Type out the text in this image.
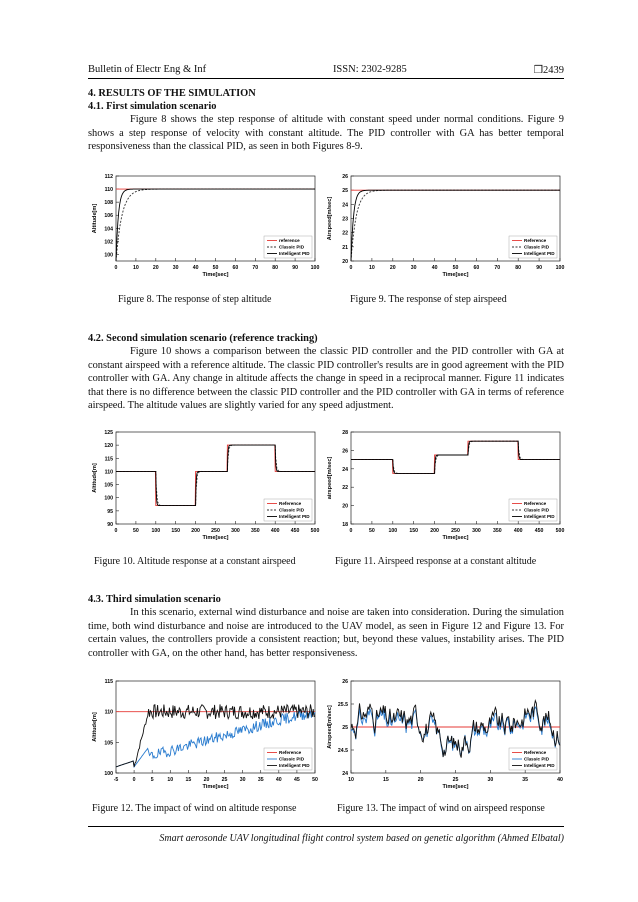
Bulletin of Electr Eng & Inf	ISSN: 2302-9285	❒2439
4. RESULTS OF THE SIMULATION
4.1. First simulation scenario
Figure 8 shows the step response of altitude with constant speed under normal conditions. Figure 9 shows a step response of velocity with constant altitude. The PID controller with GA has better temporal responsiveness than the classical PID, as seen in both Figures 8-9.
0	10	20	30	40	50	60	70	80	90 100
100
102
104
106
108
110
112
Time[sec]
Altitude[m]
reference
Classic PID
Intelligent PID
0	10	20	30	40	50	60	70	80	90	100
20
21
22
23
24
25
26
Time[sec]
Airspeed[m/sec]
Reference
Classic PID
Intelligent PID
Figure 8. The response of step altitude	Figure 9. The response of step airspeed
4.2. Second simulation scenario (reference tracking)
Figure 10 shows a comparison between the classic PID controller and the PID controller with GA at constant airspeed with a reference altitude. The classic PID controller's results are in good agreement with the PID controller with GA. Any change in altitude affects the change in speed in a reciprocal manner. Figure 11 indicates that there is no difference between the classic PID controller and the PID controller with GA in terms of reference airspeed. The altitude values are slightly varied for any speed adjustment.
0	50 100 150 200 250 300 350 400 450 500
90
95
100
105
110
115
120
125
Time[sec]
Altitude[m]
Reference
Classic PID
Intelligent PID
0	50	100 150 200 250 300 350 400 450 500
18
20
22
24
26
28
Time[sec]
airspeed[m/sec]
Reference
Classic PID
Intelligent PID
Figure 10. Altitude response at a constant airspeed	Figure 11. Airspeed response at a constant altitude
4.3. Third simulation scenario
In this scenario, external wind disturbance and noise are taken into consideration. During the simulation time, both wind disturbance and noise are introduced to the UAV model, as seen in Figure 12 and Figure 13. For certain values, the controllers provide a consistent reaction; but, beyond these values, instability arises. The PID controller with GA, on the other hand, has better responsiveness.
-5	0	5	10 15 20 25 30 35 40 45 50
100
105
110
115
Time[sec]
Altitude[m]
Reference
Classic PID
Intelligent PID
10	15	20	25	30	35	40
24
24.5
25
25.5
26
Time[sec]
Airspeed[m/sec]
Reference
Classic PID
Intelligent PID
Figure 12. The impact of wind on altitude response	Figure 13. The impact of wind on airspeed response
Smart aerosonde UAV longitudinal flight control system based on genetic algorithm (Ahmed Elbatal)
